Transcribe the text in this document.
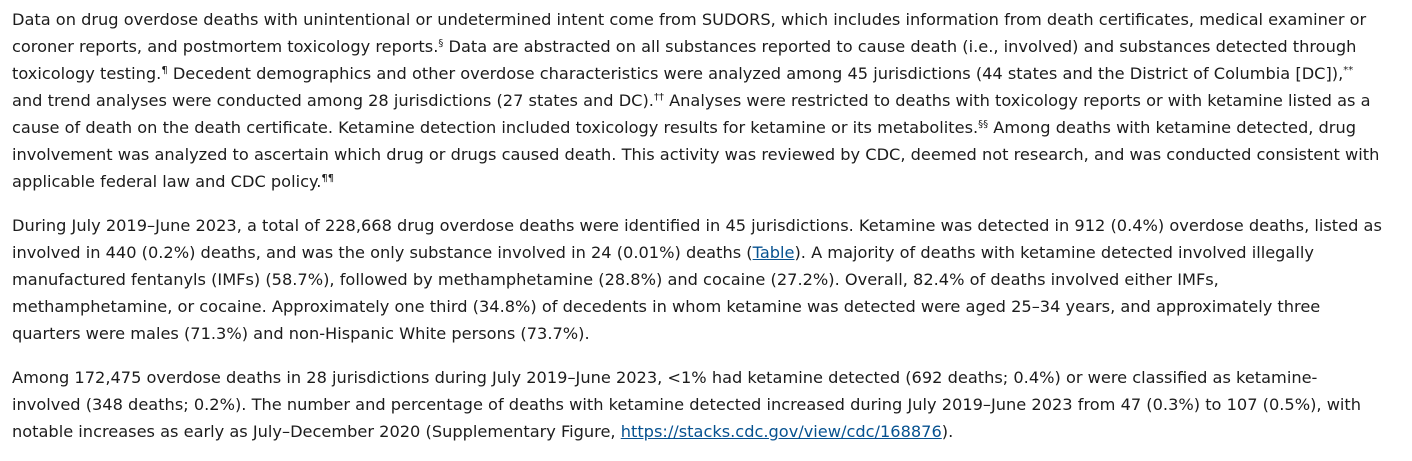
Data on drug overdose deaths with unintentional or undetermined intent come from SUDORS, which includes information from death certificates, medical examiner or coroner reports, and postmortem toxicology reports.§ Data are abstracted on all substances reported to cause death (i.e., involved) and substances detected through toxicology testing.¶ Decedent demographics and other overdose characteristics were analyzed among 45 jurisdictions (44 states and the District of Columbia [DC]),** and trend analyses were conducted among 28 jurisdictions (27 states and DC).†† Analyses were restricted to deaths with toxicology reports or with ketamine listed as a cause of death on the death certificate. Ketamine detection included toxicology results for ketamine or its metabolites.§§ Among deaths with ketamine detected, drug involvement was analyzed to ascertain which drug or drugs caused death. This activity was reviewed by CDC, deemed not research, and was conducted consistent with applicable federal law and CDC policy.¶¶

During July 2019–June 2023, a total of 228,668 drug overdose deaths were identified in 45 jurisdictions. Ketamine was detected in 912 (0.4%) overdose deaths, listed as involved in 440 (0.2%) deaths, and was the only substance involved in 24 (0.01%) deaths (Table). A majority of deaths with ketamine detected involved illegally manufactured fentanyls (IMFs) (58.7%), followed by methamphetamine (28.8%) and cocaine (27.2%). Overall, 82.4% of deaths involved either IMFs, methamphetamine, or cocaine. Approximately one third (34.8%) of decedents in whom ketamine was detected were aged 25–34 years, and approximately three quarters were males (71.3%) and non-Hispanic White persons (73.7%).

Among 172,475 overdose deaths in 28 jurisdictions during July 2019–June 2023, <1% had ketamine detected (692 deaths; 0.4%) or were classified as ketamine-involved (348 deaths; 0.2%). The number and percentage of deaths with ketamine detected increased during July 2019–June 2023 from 47 (0.3%) to 107 (0.5%), with notable increases as early as July–December 2020 (Supplementary Figure, https://stacks.cdc.gov/view/cdc/168876).
